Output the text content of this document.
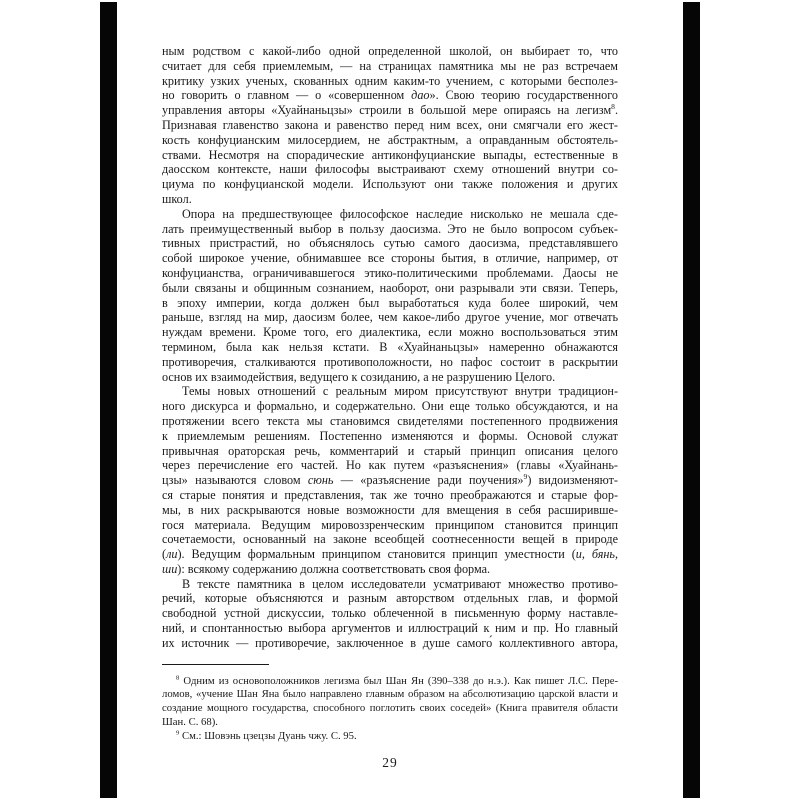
ным родством с какой-либо одной определенной школой, он выбирает то, что
считает для себя приемлемым, — на страницах памятника мы не раз встречаем
критику узких ученых, скованных одним каким-то учением, с которыми бесполез-
но говорить о главном — о «совершенном дао». Свою теорию государственного
управления авторы «Хуайнаньцзы» строили в большой мере опираясь на легизм$^8$.
Признавая главенство закона и равенство перед ним всех, они смягчали его жест-
кость конфуцианским милосердием, не абстрактным, а оправданным обстоятель-
ствами. Несмотря на спорадические антиконфуцианские выпады, естественные в
даосском контексте, наши философы выстраивают схему отношений внутри со-
циума по конфуцианской модели. Используют они также положения и других
школ.
Опора на предшествующее философское наследие нисколько не мешала сде-
лать преимущественный выбор в пользу даосизма. Это не было вопросом субъек-
тивных пристрастий, но объяснялось сутью самого даосизма, представлявшего
собой широкое учение, обнимавшее все стороны бытия, в отличие, например, от
конфуцианства, ограничивавшегося этико-политическими проблемами. Даосы не
были связаны и общинным сознанием, наоборот, они разрывали эти связи. Теперь,
в эпоху империи, когда должен был выработаться куда более широкий, чем
раньше, взгляд на мир, даосизм более, чем какое-либо другое учение, мог отвечать
нуждам времени. Кроме того, его диалектика, если можно воспользоваться этим
термином, была как нельзя кстати. В «Хуайнаньцзы» намеренно обнажаются
противоречия, сталкиваются противоположности, но пафос состоит в раскрытии
основ их взаимодействия, ведущего к созиданию, а не разрушению Целого.
Темы новых отношений с реальным миром присутствуют внутри традицион-
ного дискурса и формально, и содержательно. Они еще только обсуждаются, и на
протяжении всего текста мы становимся свидетелями постепенного продвижения
к приемлемым решениям. Постепенно изменяются и формы. Основой служат
привычная ораторская речь, комментарий и старый принцип описания целого
через перечисление его частей. Но как путем «разъяснения» (главы «Хуайнань-
цзы» называются словом сюнь — «разъяснение ради поучения»$^9$) видоизменяют-
ся старые понятия и представления, так же точно преображаются и старые фор-
мы, в них раскрываются новые возможности для вмещения в себя расширивше-
гося материала. Ведущим мировоззренческим принципом становится принцип
сочетаемости, основанный на законе всеобщей соотнесенности вещей в природе
(ли). Ведущим формальным принципом становится принцип уместности (и, бянь,
ши): всякому содержанию должна соответствовать своя форма.
В тексте памятника в целом исследователи усматривают множество противо-
речий, которые объясняются и разным авторством отдельных глав, и формой
свободной устной дискуссии, только облеченной в письменную форму наставле-
ний, и спонтанностью выбора аргументов и иллюстраций к ним и пр. Но главный
их источник — противоречие, заключенное в душе самого́ коллективного автора,
$^8$ Одним из основоположников легизма был Шан Ян (390–338 до н.э.). Как пишет Л.С. Пере-
ломов, «учение Шан Яна было направлено главным образом на абсолютизацию царской власти и
создание мощного государства, способного поглотить своих соседей» (Книга правителя области
Шан. С. 68).
$^9$ См.: Шовэнь цзецзы Дуань чжу. С. 95.
29
